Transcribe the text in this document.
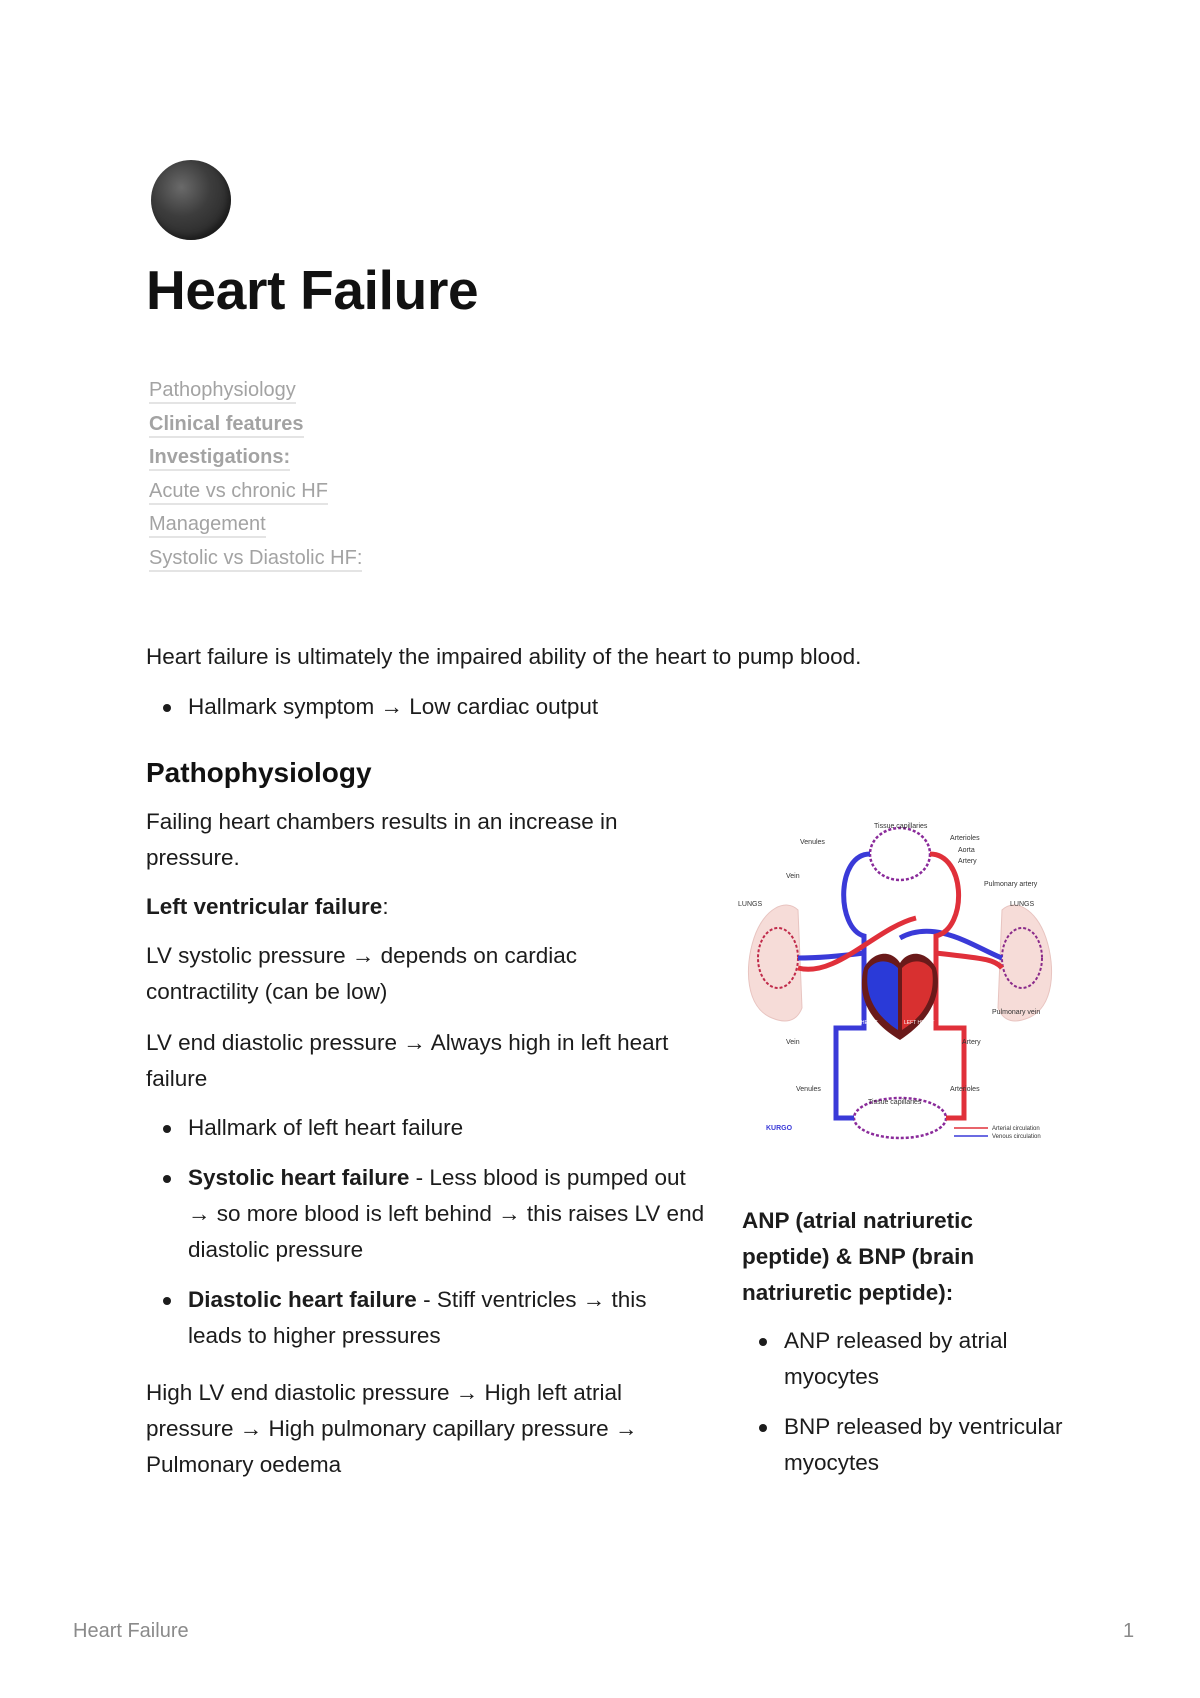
Heart Failure
Pathophysiology
Clinical features
Investigations:
Acute vs chronic HF
Management
Systolic vs Diastolic HF:

Heart failure is ultimately the impaired ability of the heart to pump blood.

Hallmark symptom → Low cardiac output
Pathophysiology

Failing heart chambers results in an increase in pressure.

Left ventricular failure:

LV systolic pressure → depends on cardiac contractility (can be low)

LV end diastolic pressure → Always high in left heart failure

Hallmark of left heart failure
Systolic heart failure - Less blood is pumped out → so more blood is left behind → this raises LV end diastolic pressure
Diastolic heart failure - Stiff ventricles → this leads to higher pressures

High LV end diastolic pressure → High left atrial pressure → High pulmonary capillary pressure → Pulmonary oedema

Tissue capillaries
Venules
Arterioles
Aorta
Artery
Vein
Pulmonary artery
LUNGS	LUNGS
Pulmonary vein
RIGHT HEART	LEFT HEART
Vein	Artery
Venules	Arterioles
Tissue capillaries
KURGO	Arterial circulation
Venous circulation

ANP (atrial natriuretic peptide) & BNP (brain natriuretic peptide):

ANP released by atrial myocytes
BNP released by ventricular myocytes
Heart Failure	1
